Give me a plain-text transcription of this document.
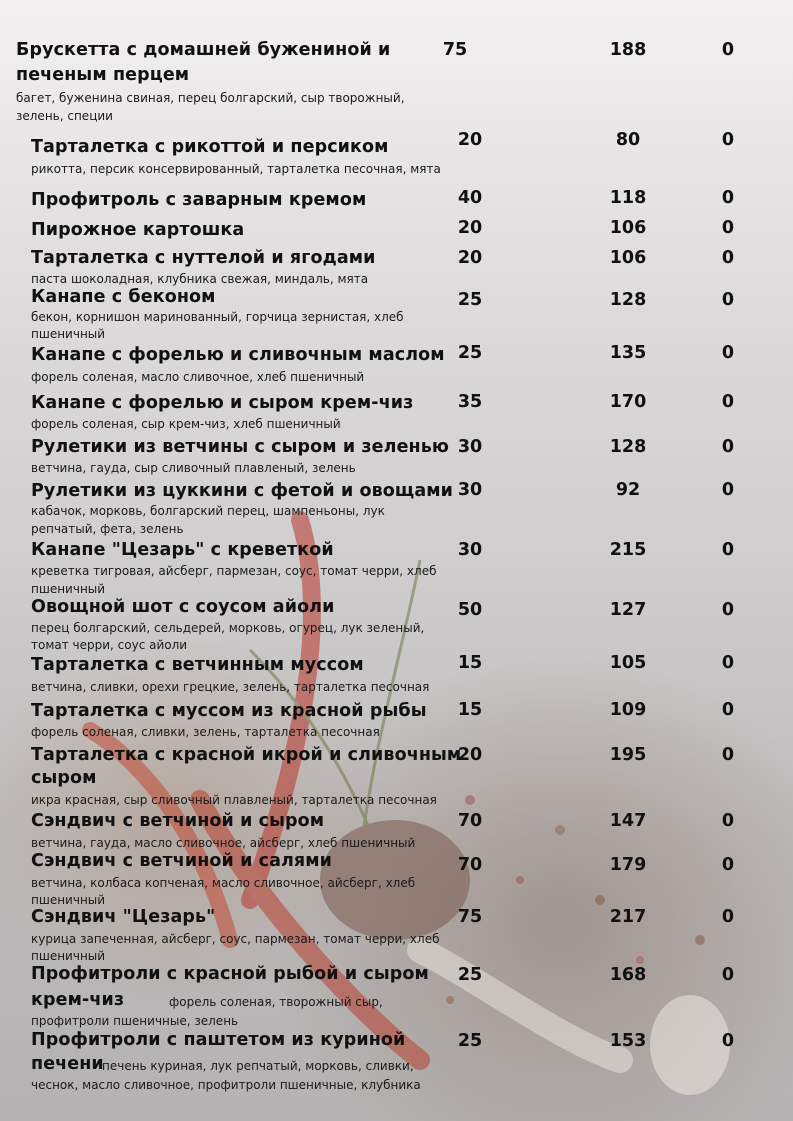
Брускетта с домашней бужениной и
печеным перцем
багет, буженина свиная, перец болгарский, сыр творожный,
зелень, специи
75	188	0
Тарталетка с рикоттой и персиком
рикотта, персик консервированный, тарталетка песочная, мята
20	80	0
Профитроль с заварным кремом	40	118	0
Пирожное картошка	20	106	0
Тарталетка с нуттелой и ягодами
паста шоколадная, клубника свежая, миндаль, мята
20	106	0
Канапе с беконом
бекон, корнишон маринованный, горчица зернистая, хлеб
пшеничный
25	128	0
Канапе с форелью и сливочным маслом
форель соленая, масло сливочное, хлеб пшеничный
25	135	0
Канапе с форелью и сыром крем-чиз
форель соленая, сыр крем-чиз, хлеб пшеничный
35	170	0
Рулетики из ветчины с сыром и зеленью
ветчина, гауда, сыр сливочный плавленый, зелень
30	128	0
Рулетики из цуккини с фетой и овощами
кабачок, морковь, болгарский перец, шампеньоны, лук
репчатый, фета, зелень
30	92	0
Канапе "Цезарь" с креветкой
креветка тигровая, айсберг, пармезан, соус, томат черри, хлеб
пшеничный
30	215	0
Овощной шот с соусом айоли
перец болгарский, сельдерей, морковь, огурец, лук зеленый,
томат черри, соус айоли
50	127	0
Тарталетка с ветчинным муссом
ветчина, сливки, орехи грецкие, зелень, тарталетка песочная
15	105	0
Тарталетка с муссом из красной рыбы
форель соленая, сливки, зелень, тарталетка песочная
15	109	0
Тарталетка с красной икрой и сливочным
сыром
икра красная, сыр сливочный плавленый, тарталетка песочная
20	195	0
Сэндвич с ветчиной и сыром
ветчина, гауда, масло сливочное, айсберг, хлеб пшеничный
70	147	0
Сэндвич с ветчиной и салями
ветчина, колбаса копченая, масло сливочное, айсберг, хлеб
пшеничный
70	179	0
Сэндвич "Цезарь"
курица запеченная, айсберг, соус, пармезан, томат черри, хлеб
пшеничный
75	217	0
Профитроли с красной рыбой и сыром
крем-чиз	форель соленая, творожный сыр,
профитроли пшеничные, зелень
25	168	0
Профитроли с паштетом из куриной
печени
печень куриная, лук репчатый, морковь, сливки,
чеснок, масло сливочное, профитроли пшеничные, клубника
25	153	0
